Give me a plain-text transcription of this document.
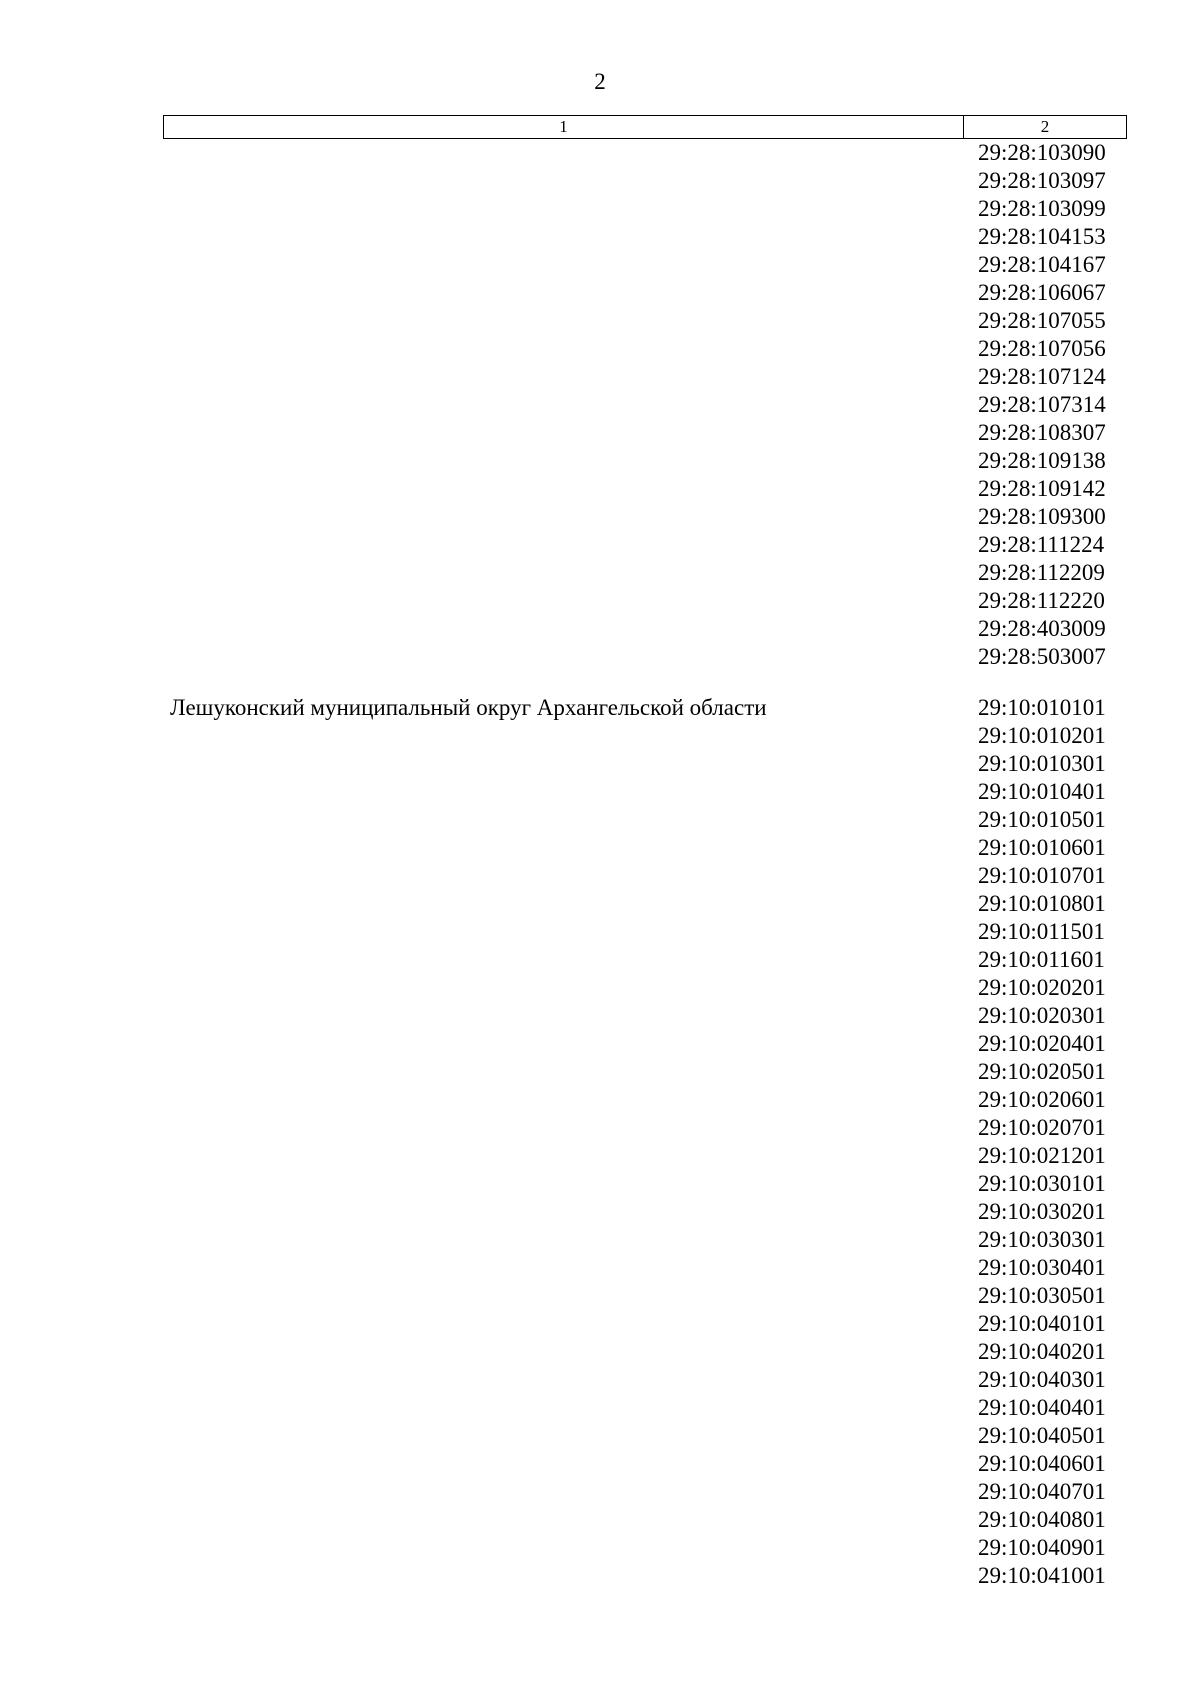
2
1	2
29:28:103090
29:28:103097
29:28:103099
29:28:104153
29:28:104167
29:28:106067
29:28:107055
29:28:107056
29:28:107124
29:28:107314
29:28:108307
29:28:109138
29:28:109142
29:28:109300
29:28:111224
29:28:112209
29:28:112220
29:28:403009
29:28:503007
Лешуконский муниципальный округ Архангельской области	29:10:010101
29:10:010201
29:10:010301
29:10:010401
29:10:010501
29:10:010601
29:10:010701
29:10:010801
29:10:011501
29:10:011601
29:10:020201
29:10:020301
29:10:020401
29:10:020501
29:10:020601
29:10:020701
29:10:021201
29:10:030101
29:10:030201
29:10:030301
29:10:030401
29:10:030501
29:10:040101
29:10:040201
29:10:040301
29:10:040401
29:10:040501
29:10:040601
29:10:040701
29:10:040801
29:10:040901
29:10:041001
